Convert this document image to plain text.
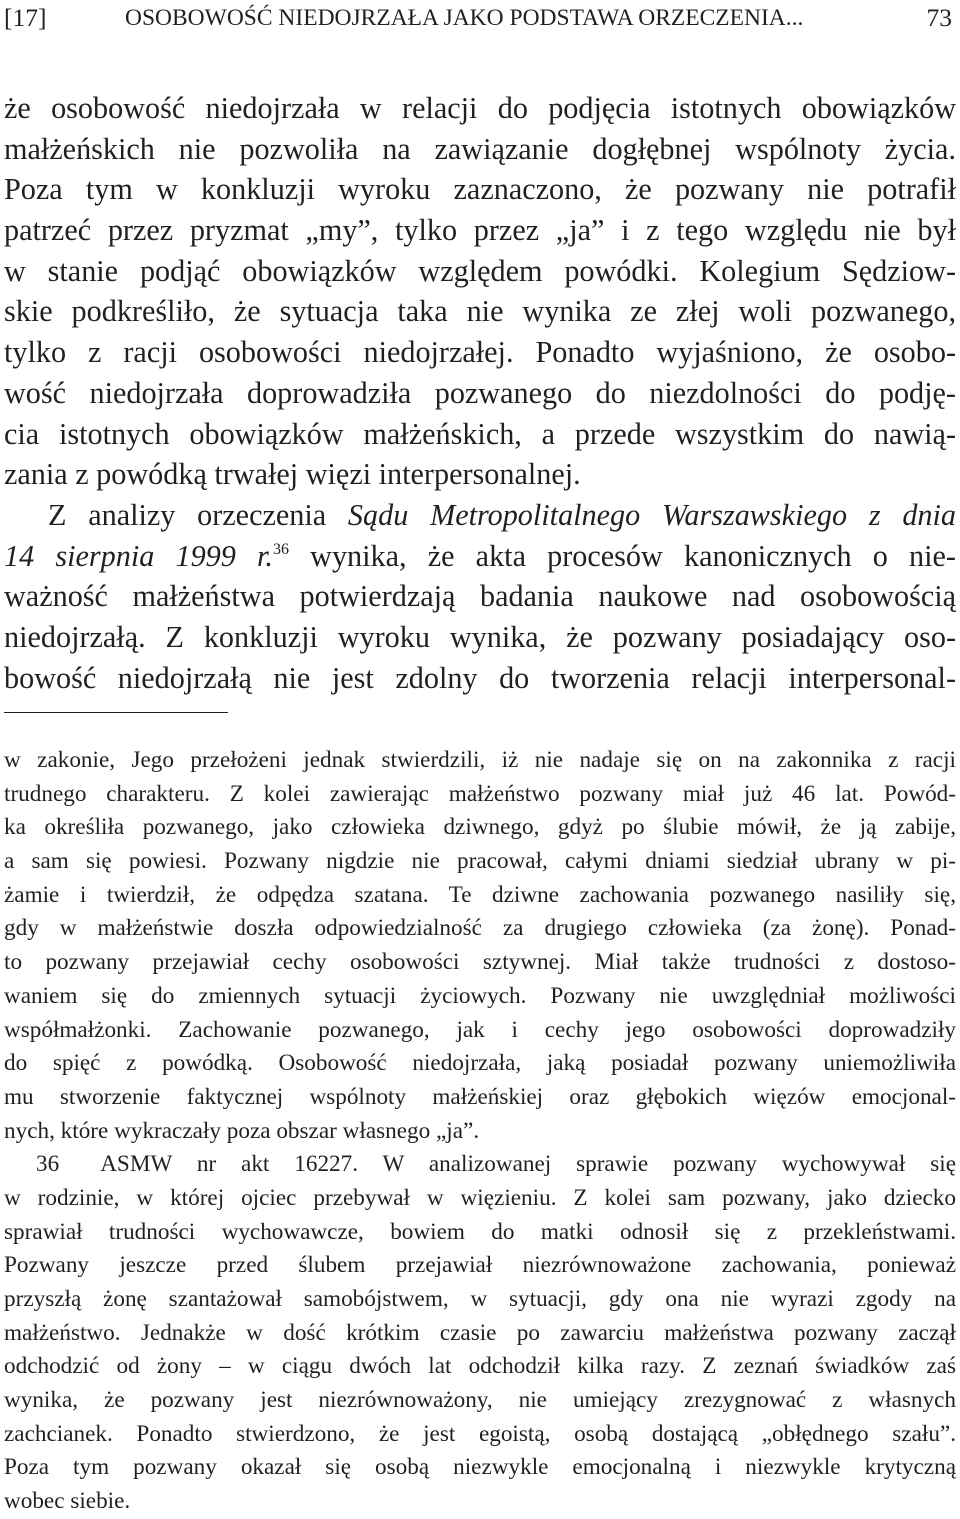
[17]	OSOBOWOŚĆ NIEDOJRZAŁA JAKO PODSTAWA ORZECZENIA...	73
że osobowość niedojrzała w relacji do podjęcia istotnych obowiązków
małżeńskich nie pozwoliła na zawiązanie dogłębnej wspólnoty życia.
Poza tym w konkluzji wyroku zaznaczono, że pozwany nie potrafił
patrzeć przez pryzmat „my”, tylko przez „ja” i z tego względu nie był
w stanie podjąć obowiązków względem powódki. Kolegium Sędziow-
skie podkreśliło, że sytuacja taka nie wynika ze złej woli pozwanego,
tylko z racji osobowości niedojrzałej. Ponadto wyjaśniono, że osobo-
wość niedojrzała doprowadziła pozwanego do niezdolności do podję-
cia istotnych obowiązków małżeńskich, a przede wszystkim do nawią-
zania z powódką trwałej więzi interpersonalnej.
Z analizy orzeczenia Sądu Metropolitalnego Warszawskiego z dnia
14 sierpnia 1999 r.$^{36}$ wynika, że akta procesów kanonicznych o nie-
ważność małżeństwa potwierdzają badania naukowe nad osobowością
niedojrzałą. Z konkluzji wyroku wynika, że pozwany posiadający oso-
bowość niedojrzałą nie jest zdolny do tworzenia relacji interpersonal-
w zakonie, Jego przełożeni jednak stwierdzili, iż nie nadaje się on na zakonnika z racji
trudnego charakteru. Z kolei zawierając małżeństwo pozwany miał już 46 lat. Powód-
ka określiła pozwanego, jako człowieka dziwnego, gdyż po ślubie mówił, że ją zabije,
a sam się powiesi. Pozwany nigdzie nie pracował, całymi dniami siedział ubrany w pi-
żamie i twierdził, że odpędza szatana. Te dziwne zachowania pozwanego nasiliły się,
gdy w małżeństwie doszła odpowiedzialność za drugiego człowieka (za żonę). Ponad-
to pozwany przejawiał cechy osobowości sztywnej. Miał także trudności z dostoso-
waniem się do zmiennych sytuacji życiowych. Pozwany nie uwzględniał możliwości
współmałżonki. Zachowanie pozwanego, jak i cechy jego osobowości doprowadziły
do spięć z powódką. Osobowość niedojrzała, jaką posiadał pozwany uniemożliwiła
mu stworzenie faktycznej wspólnoty małżeńskiej oraz głębokich więzów emocjonal-
nych, które wykraczały poza obszar własnego „ja”.
36 ASMW nr akt 16227. W analizowanej sprawie pozwany wychowywał się
w rodzinie, w której ojciec przebywał w więzieniu. Z kolei sam pozwany, jako dziecko
sprawiał trudności wychowawcze, bowiem do matki odnosił się z przekleństwami.
Pozwany jeszcze przed ślubem przejawiał niezrównoważone zachowania, ponieważ
przyszłą żonę szantażował samobójstwem, w sytuacji, gdy ona nie wyrazi zgody na
małżeństwo. Jednakże w dość krótkim czasie po zawarciu małżeństwa pozwany zaczął
odchodzić od żony – w ciągu dwóch lat odchodził kilka razy. Z zeznań świadków zaś
wynika, że pozwany jest niezrównoważony, nie umiejący zrezygnować z własnych
zachcianek. Ponadto stwierdzono, że jest egoistą, osobą dostającą „obłędnego szału”.
Poza tym pozwany okazał się osobą niezwykle emocjonalną i niezwykle krytyczną
wobec siebie.
